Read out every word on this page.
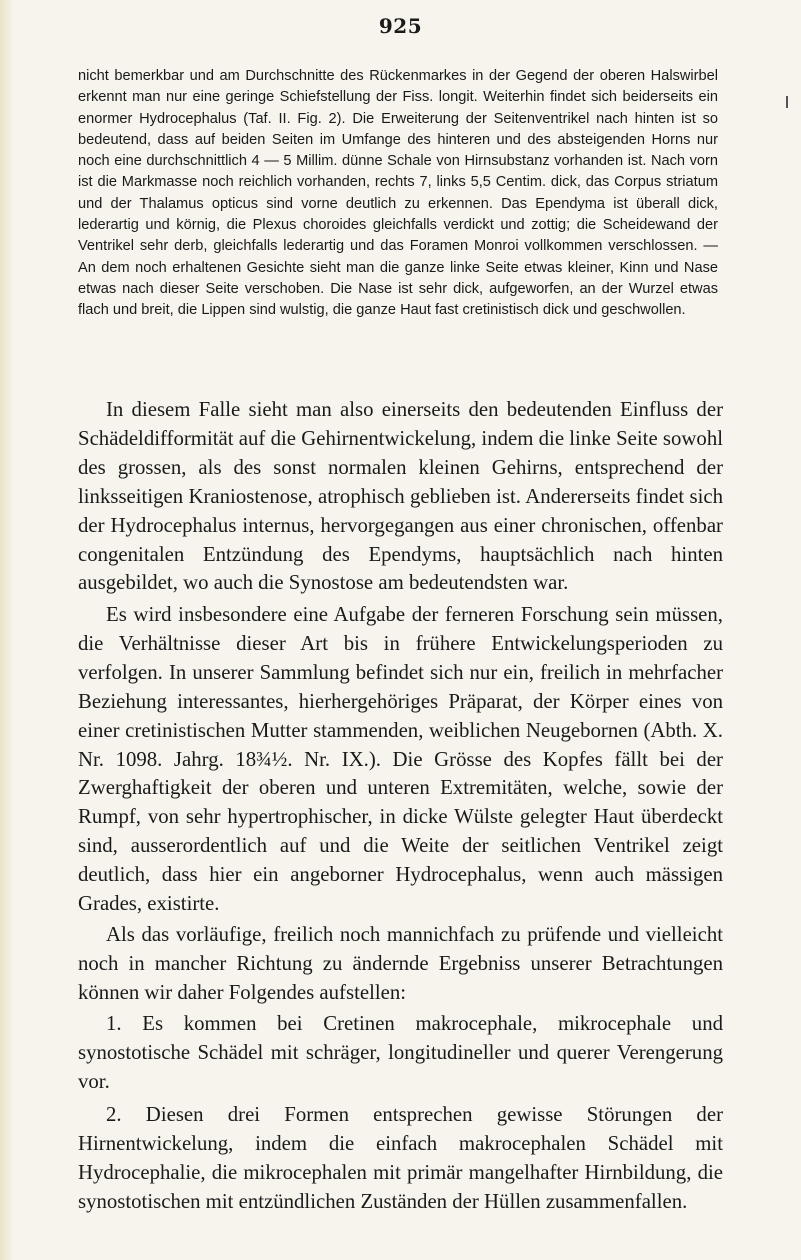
925

nicht bemerkbar und am Durchschnitte des Rückenmarkes in der Gegend der oberen Halswirbel erkennt man nur eine geringe Schiefstellung der Fiss. longit. Weiterhin findet sich beiderseits ein enormer Hydrocephalus (Taf. II. Fig. 2). Die Erweiterung der Seitenventrikel nach hinten ist so bedeutend, dass auf beiden Seiten im Umfange des hinteren und des absteigenden Horns nur noch eine durchschnittlich 4 — 5 Millim. dünne Schale von Hirnsubstanz vorhanden ist. Nach vorn ist die Markmasse noch reichlich vorhanden, rechts 7, links 5,5 Centim. dick, das Corpus striatum und der Thalamus opticus sind vorne deutlich zu erkennen. Das Ependyma ist überall dick, lederartig und körnig, die Plexus choroides gleichfalls verdickt und zottig; die Scheidewand der Ventrikel sehr derb, gleichfalls lederartig und das Foramen Monroi vollkommen verschlossen. — An dem noch erhaltenen Gesichte sieht man die ganze linke Seite etwas kleiner, Kinn und Nase etwas nach dieser Seite verschoben. Die Nase ist sehr dick, aufgeworfen, an der Wurzel etwas flach und breit, die Lippen sind wulstig, die ganze Haut fast cretinistisch dick und geschwollen.

In diesem Falle sieht man also einerseits den bedeutenden Einfluss der Schädeldifformität auf die Gehirnentwickelung, indem die linke Seite sowohl des grossen, als des sonst normalen kleinen Gehirns, entsprechend der linksseitigen Kraniostenose, atrophisch geblieben ist. Andererseits findet sich der Hydrocephalus internus, hervorgegangen aus einer chronischen, offenbar congenitalen Entzündung des Ependyms, hauptsächlich nach hinten ausgebildet, wo auch die Synostose am bedeutendsten war.

Es wird insbesondere eine Aufgabe der ferneren Forschung sein müssen, die Verhältnisse dieser Art bis in frühere Entwickelungsperioden zu verfolgen. In unserer Sammlung befindet sich nur ein, freilich in mehrfacher Beziehung interessantes, hierhergehöriges Präparat, der Körper eines von einer cretinistischen Mutter stammenden, weiblichen Neugebornen (Abth. X. Nr. 1098. Jahrg. 18¾½. Nr. IX.). Die Grösse des Kopfes fällt bei der Zwerghaftigkeit der oberen und unteren Extremitäten, welche, sowie der Rumpf, von sehr hypertrophischer, in dicke Wülste gelegter Haut überdeckt sind, ausserordentlich auf und die Weite der seitlichen Ventrikel zeigt deutlich, dass hier ein angeborner Hydrocephalus, wenn auch mässigen Grades, existirte.

Als das vorläufige, freilich noch mannichfach zu prüfende und vielleicht noch in mancher Richtung zu ändernde Ergebniss unserer Betrachtungen können wir daher Folgendes aufstellen:

1. Es kommen bei Cretinen makrocephale, mikrocephale und synostotische Schädel mit schräger, longitudineller und querer Verengerung vor.

2. Diesen drei Formen entsprechen gewisse Störungen der Hirnentwickelung, indem die einfach makrocephalen Schädel mit Hydrocephalie, die mikrocephalen mit primär mangelhafter Hirnbildung, die synostotischen mit entzündlichen Zuständen der Hüllen zusammenfallen.
